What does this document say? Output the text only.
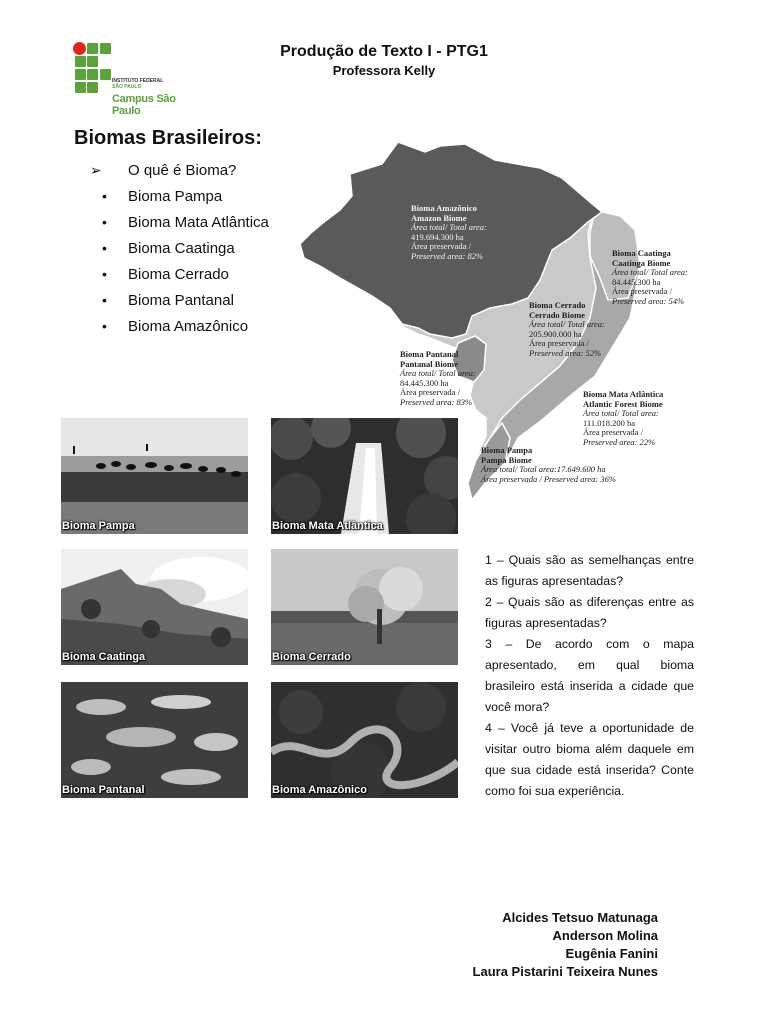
INSTITUTO FEDERAL
SÃO PAULO
Campus São Paulo
Produção de Texto I - PTG1
Professora Kelly
Biomas Brasileiros:
➢ O quê é Bioma?
• Bioma Pampa
• Bioma Mata Atlântica
• Bioma Caatinga
• Bioma Cerrado
• Bioma Pantanal
• Bioma Amazônico
Bioma Amazônico
Amazon Biome
Área total/ Total area:
419.694.300 ha
Área preservada /
Preserved area: 82%	Bioma Caatinga
Caatinga Biome
Área total/ Total area:
84.445.300 ha
Área preservada /
Preserved area: 54%
Bioma Cerrado
Cerrado Biome
Área total/ Total area:
205.900.000 ha
Área preservada /
Preserved area: 52%
Bioma Pantanal
Pantanal Biome
Área total/ Total area:
84.445.300 ha
Área preservada /
Preserved area: 83%
Bioma Mata Atlântica
Atlantic Forest Biome
Área total/ Total area:
111.018.200 ha
Área preservada /
Preserved area: 22%
Bioma Pampa
Pampa Biome
Área total/ Total area:17.649.600 ha
Área preservada / Preserved area: 36%
Bioma Pampa	Bioma Mata Atlântica
Bioma Caatinga	Bioma Cerrado
Bioma Pantanal	Bioma Amazônico

1 – Quais são as semelhanças entre as figuras apresentadas?

2 – Quais são as diferenças entre as figuras apresentadas?

3 – De acordo com o mapa apresentado, em qual bioma brasileiro está inserida a cidade que você mora?

4 – Você já teve a oportunidade de visitar outro bioma além daquele em que sua cidade está inserida? Conte como foi sua experiência.

Alcides Tetsuo Matunaga
Anderson Molina
Eugênia Fanini
Laura Pistarini Teixeira Nunes
